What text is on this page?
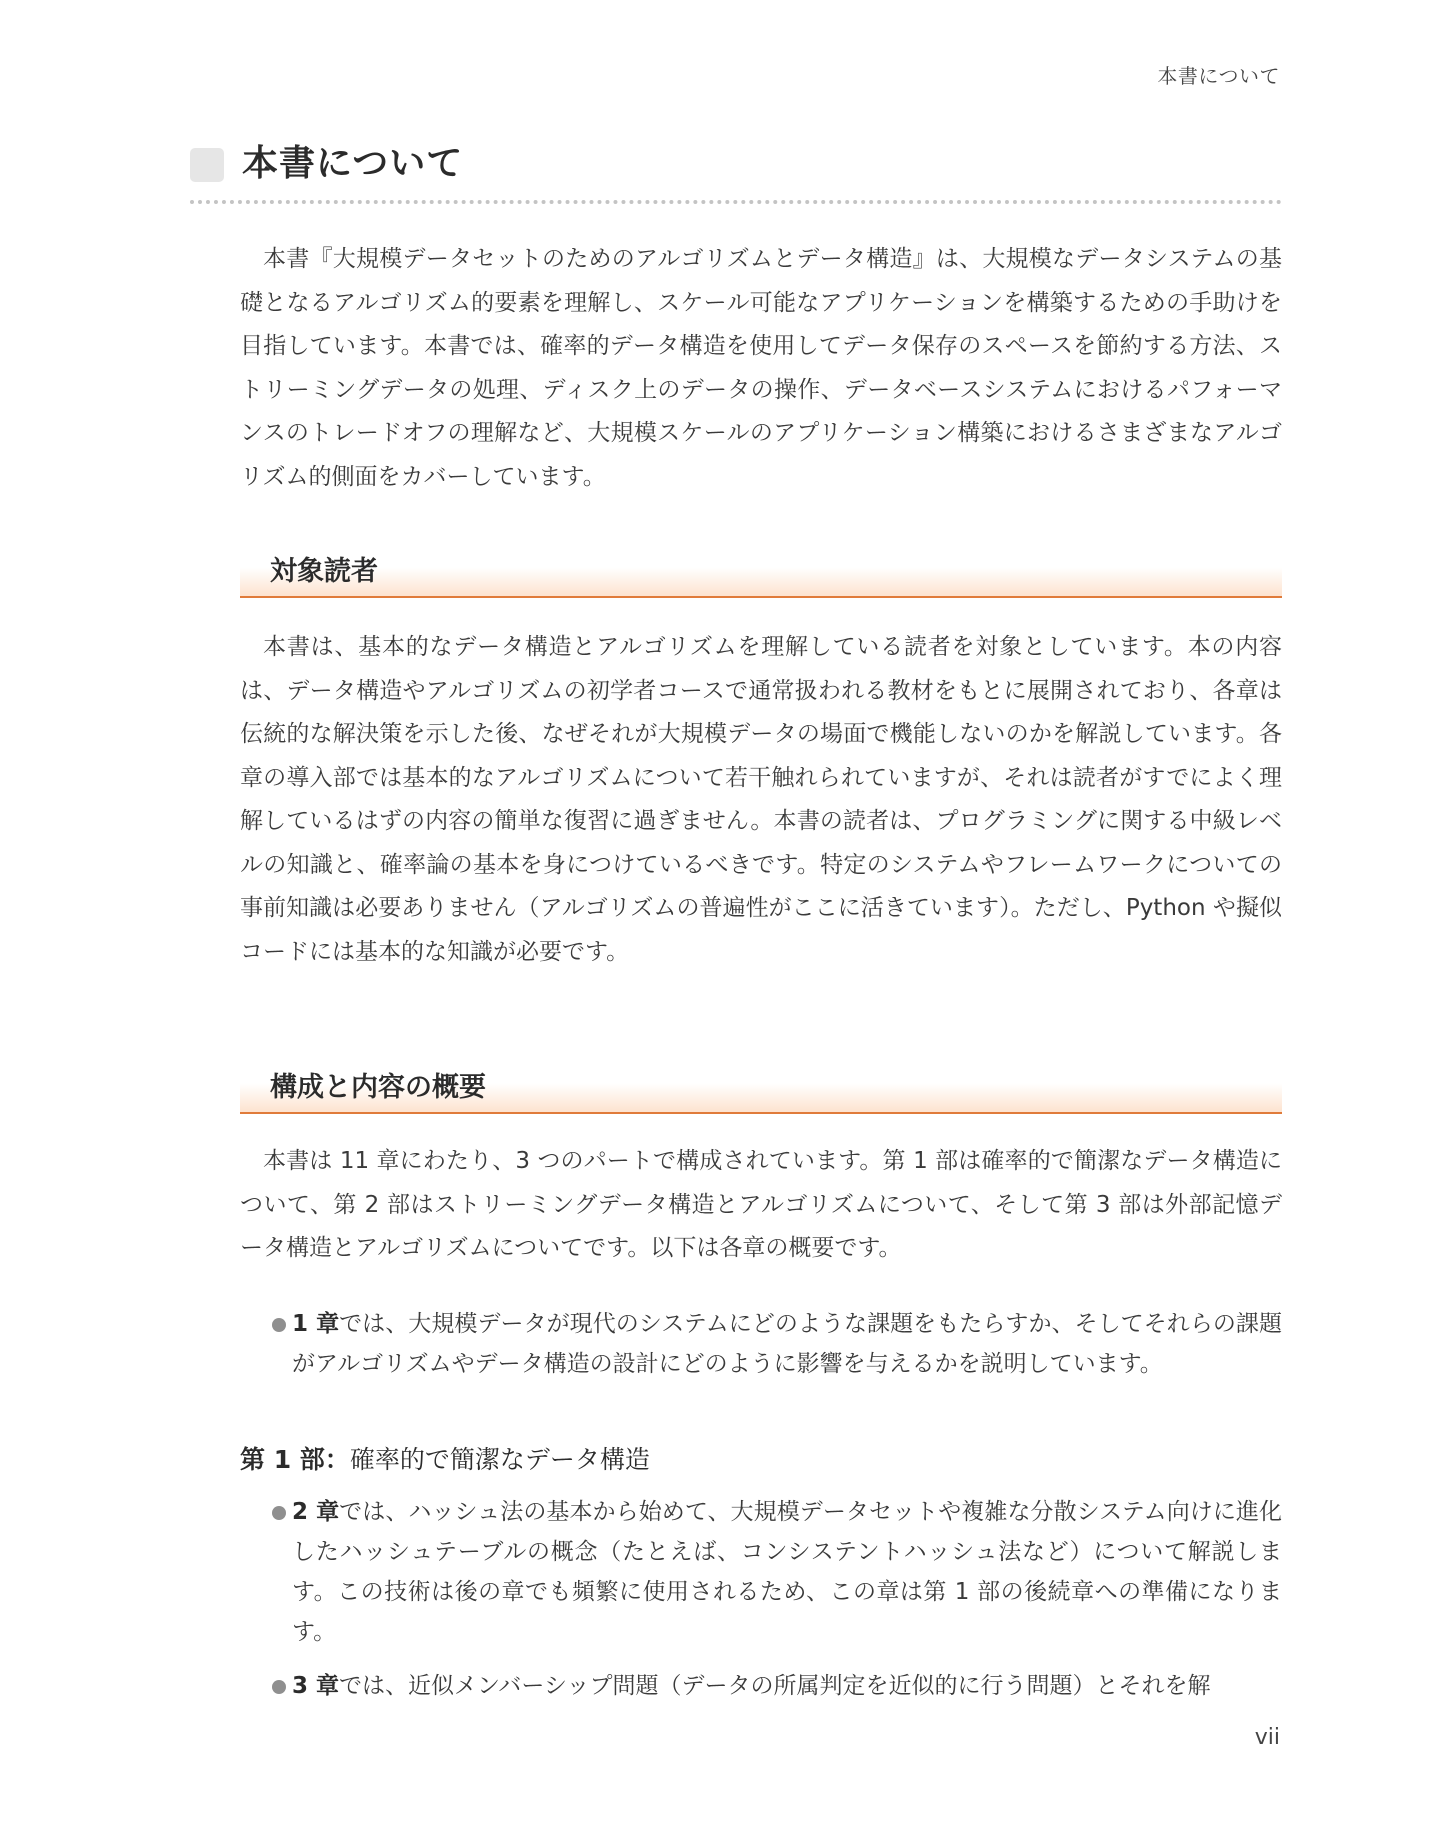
本書について
本書について

本書『大規模データセットのためのアルゴリズムとデータ構造』は、大規模なデータシステムの基礎となるアルゴリズム的要素を理解し、スケール可能なアプリケーションを構築するための手助けを目指しています。本書では、確率的データ構造を使用してデータ保存のスペースを節約する方法、ストリーミングデータの処理、ディスク上のデータの操作、データベースシステムにおけるパフォーマンスのトレードオフの理解など、大規模スケールのアプリケーション構築におけるさまざまなアルゴリズム的側面をカバーしています。

対象読者

本書は、基本的なデータ構造とアルゴリズムを理解している読者を対象としています。本の内容は、データ構造やアルゴリズムの初学者コースで通常扱われる教材をもとに展開されており、各章は伝統的な解決策を示した後、なぜそれが大規模データの場面で機能しないのかを解説しています。各章の導入部では基本的なアルゴリズムについて若干触れられていますが、それは読者がすでによく理解しているはずの内容の簡単な復習に過ぎません。本書の読者は、プログラミングに関する中級レベルの知識と、確率論の基本を身につけているべきです。特定のシステムやフレームワークについての事前知識は必要ありません（アルゴリズムの普遍性がここに活きています）。ただし、Python や擬似コードには基本的な知識が必要です。

構成と内容の概要

本書は 11 章にわたり、3 つのパートで構成されています。第 1 部は確率的で簡潔なデータ構造について、第 2 部はストリーミングデータ構造とアルゴリズムについて、そして第 3 部は外部記憶データ構造とアルゴリズムについてです。以下は各章の概要です。

1 章では、大規模データが現代のシステムにどのような課題をもたらすか、そしてそれらの課題がアルゴリズムやデータ構造の設計にどのように影響を与えるかを説明しています。
第 1 部：確率的で簡潔なデータ構造
2 章では、ハッシュ法の基本から始めて、大規模データセットや複雑な分散システム向けに進化したハッシュテーブルの概念（たとえば、コンシステントハッシュ法など）について解説します。この技術は後の章でも頻繁に使用されるため、この章は第 1 部の後続章への準備になります。
3 章では、近似メンバーシップ問題（データの所属判定を近似的に行う問題）とそれを解
vii
